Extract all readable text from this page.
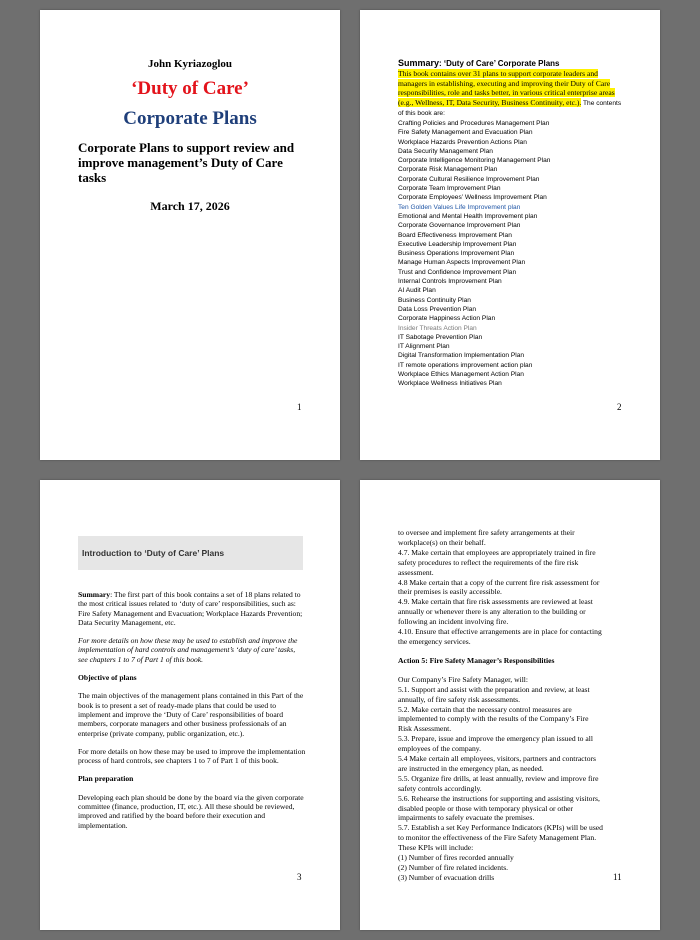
John Kyriazoglou
‘Duty of Care’
Corporate Plans
Corporate Plans to support review and improve management’s Duty of Care tasks
March 17, 2026
1
Summary: ‘Duty of Care’ Corporate Plans
This book contains over 31 plans to support corporate leaders and managers in establishing, executing and improving their Duty of Care responsibilities, role and tasks better, in various critical enterprise areas (e.g., Wellness, IT, Data Security, Business Continuity, etc.). The contents of this book are:
Crafting Policies and Procedures Management Plan
Fire Safety Management and Evacuation Plan
Workplace Hazards Prevention Actions Plan
Data Security Management Plan
Corporate Intelligence Monitoring Management Plan
Corporate Risk Management Plan
Corporate Cultural Resilience Improvement Plan
Corporate Team Improvement Plan
Corporate Employees’ Wellness Improvement Plan
Ten Golden Values Life Improvement plan
Emotional and Mental Health Improvement plan
Corporate Governance Improvement Plan
Board Effectiveness Improvement Plan
Executive Leadership Improvement Plan
Business Operations Improvement Plan
Manage Human Aspects Improvement Plan
Trust and Confidence Improvement Plan
Internal Controls Improvement Plan
AI Audit Plan
Business Continuity Plan
Data Loss Prevention Plan
Corporate Happiness Action Plan
Insider Threats Action Plan
IT Sabotage Prevention Plan
IT Alignment Plan
Digital Transformation Implementation Plan
IT remote operations improvement action plan
Workplace Ethics Management Action Plan
Workplace Wellness Initiatives Plan
2
Introduction to ‘Duty of Care’ Plans

Summary: The first part of this book contains a set of 18 plans related to the most critical issues related to ‘duty of care’ responsibilities, such as: Fire Safety Management and Evacuation; Workplace Hazards Prevention; Data Security Management, etc.

For more details on how these may be used to establish and improve the implementation of hard controls and management’s ‘duty of care’ tasks, see chapters 1 to 7 of Part 1 of this book.

Objective of plans

The main objectives of the management plans contained in this Part of the book is to present a set of ready-made plans that could be used to implement and improve the ‘Duty of Care’ responsibilities of board members, corporate managers and other business professionals of an enterprise (private company, public organization, etc.).

For more details on how these may be used to improve the implementation process of hard controls, see chapters 1 to 7 of Part 1 of this book.

Plan preparation

Developing each plan should be done by the board via the given corporate committee (finance, production, IT, etc.). All these should be reviewed, improved and ratified by the board before their execution and implementation.

3
to oversee and implement fire safety arrangements at their
workplace(s) on their behalf.
4.7. Make certain that employees are appropriately trained in fire
safety procedures to reflect the requirements of the fire risk
assessment.
4.8 Make certain that a copy of the current fire risk assessment for
their premises is easily accessible.
4.9. Make certain that fire risk assessments are reviewed at least
annually or whenever there is any alteration to the building or
following an incident involving fire.
4.10. Ensure that effective arrangements are in place for contacting
the emergency services.
Action 5: Fire Safety Manager’s Responsibilities
Our Company’s Fire Safety Manager, will:
5.1. Support and assist with the preparation and review, at least
annually, of fire safety risk assessments.
5.2. Make certain that the necessary control measures are
implemented to comply with the results of the Company’s Fire
Risk Assessment.
5.3. Prepare, issue and improve the emergency plan issued to all
employees of the company.
5.4 Make certain all employees, visitors, partners and contractors
are instructed in the emergency plan, as needed.
5.5. Organize fire drills, at least annually, review and improve fire
safety controls accordingly.
5.6. Rehearse the instructions for supporting and assisting visitors,
disabled people or those with temporary physical or other
impairments to safely evacuate the premises.
5.7. Establish a set Key Performance Indicators (KPIs) will be used
to monitor the effectiveness of the Fire Safety Management Plan.
These KPIs will include:
(1) Number of fires recorded annually
(2) Number of fire related incidents.
(3) Number of evacuation drills	11
